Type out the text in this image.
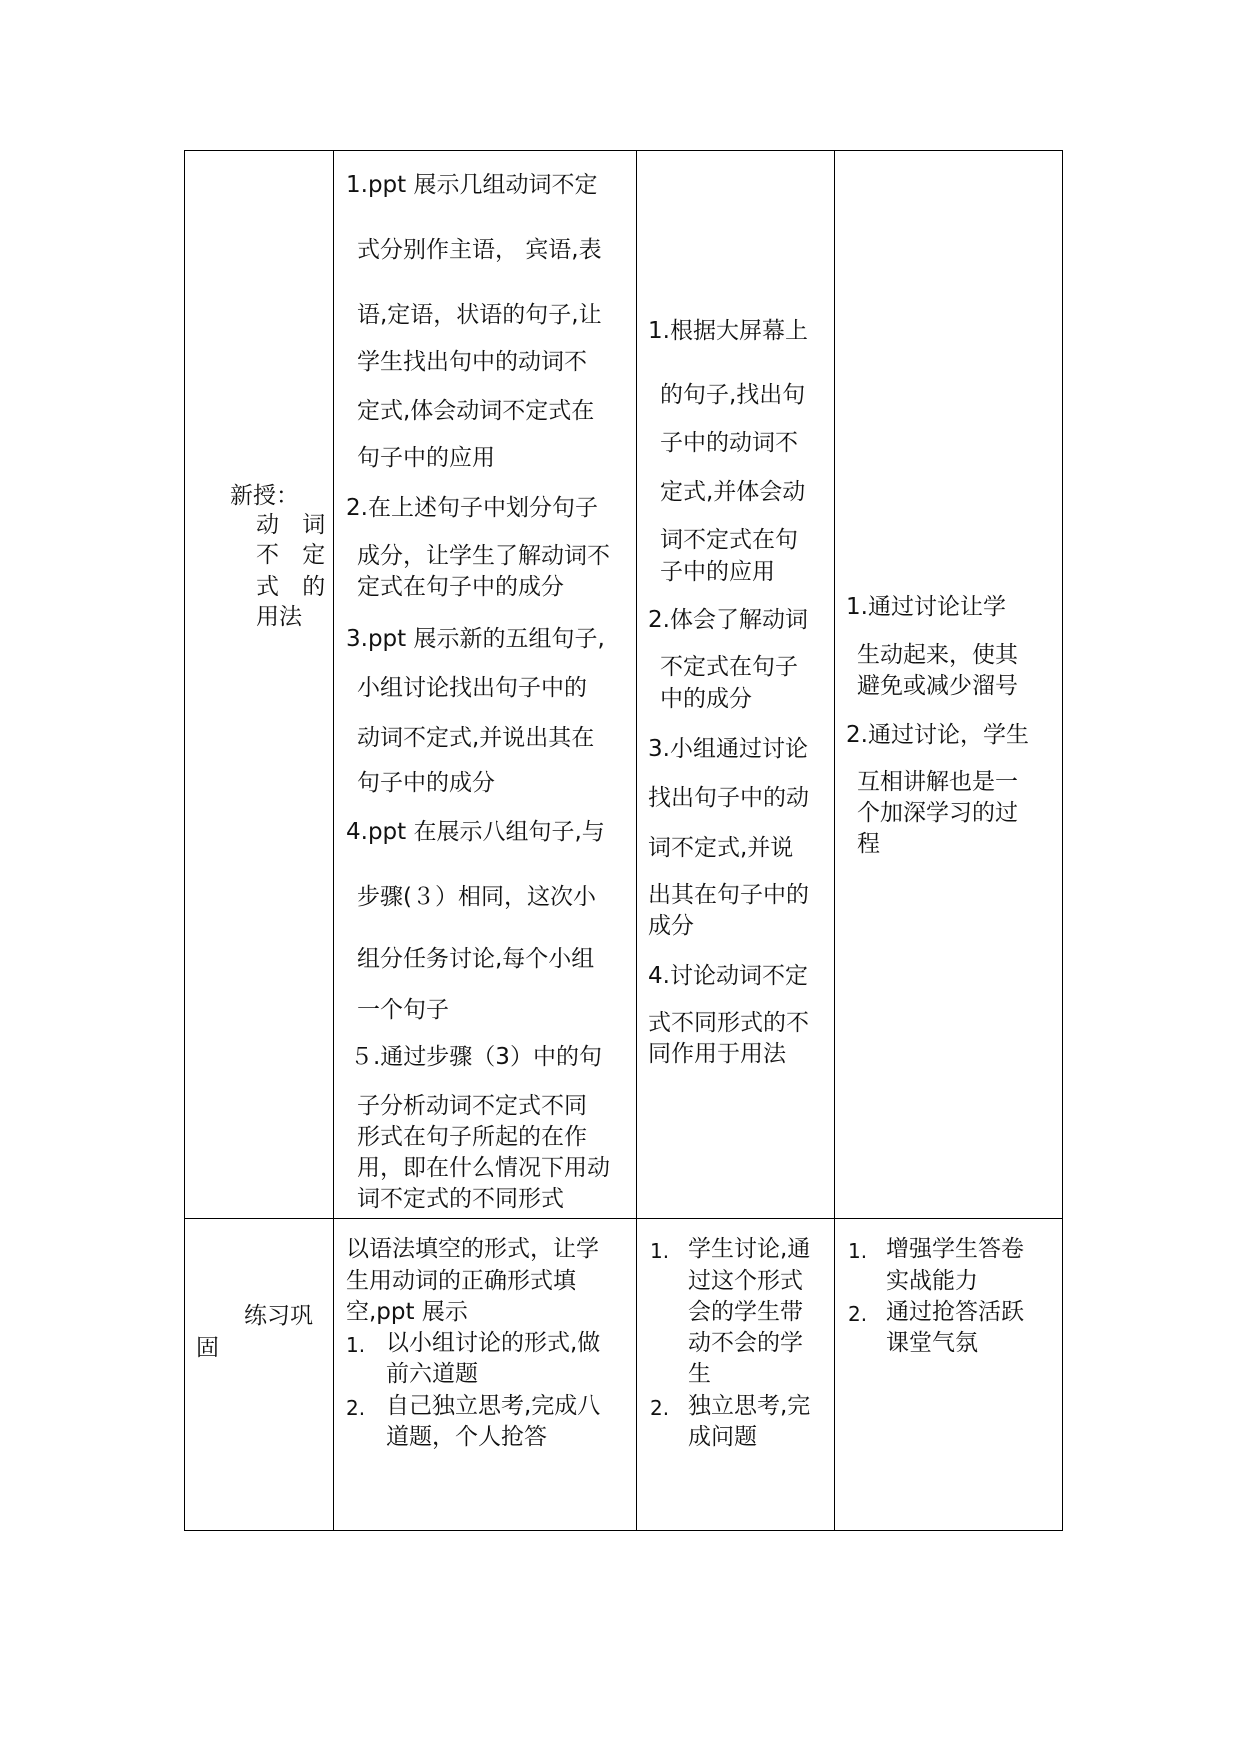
新授：
动 词
不 定
式 的
用法
1.ppt 展示几组动词不定
式分别作主语， 宾语,表
语,定语，状语的句子,让
学生找出句中的动词不
定式,体会动词不定式在
句子中的应用
2.在上述句子中划分句子
成分，让学生了解动词不
定式在句子中的成分
3.ppt 展示新的五组句子,
小组讨论找出句子中的
动词不定式,并说出其在
句子中的成分
4.ppt 在展示八组句子,与
步骤(３）相同，这次小
组分任务讨论,每个小组
一个句子
５.通过步骤（3）中的句
子分析动词不定式不同
形式在句子所起的在作
用，即在什么情况下用动
词不定式的不同形式
1.根据大屏幕上
的句子,找出句
子中的动词不
定式,并体会动
词不定式在句
子中的应用
2.体会了解动词
不定式在句子
中的成分
3.小组通过讨论
找出句子中的动
词不定式,并说
出其在句子中的
成分
4.讨论动词不定
式不同形式的不
同作用于用法
1.通过讨论让学
生动起来，使其
避免或减少溜号
2.通过讨论，学生
互相讲解也是一
个加深学习的过
程
练习巩
固
以语法填空的形式，让学
生用动词的正确形式填
空,ppt 展示
1. 以小组讨论的形式,做
前六道题
2. 自己独立思考,完成八
道题，个人抢答
1. 学生讨论,通
过这个形式
会的学生带
动不会的学
生
2. 独立思考,完
成问题
1. 增强学生答卷
实战能力
2. 通过抢答活跃
课堂气氛
